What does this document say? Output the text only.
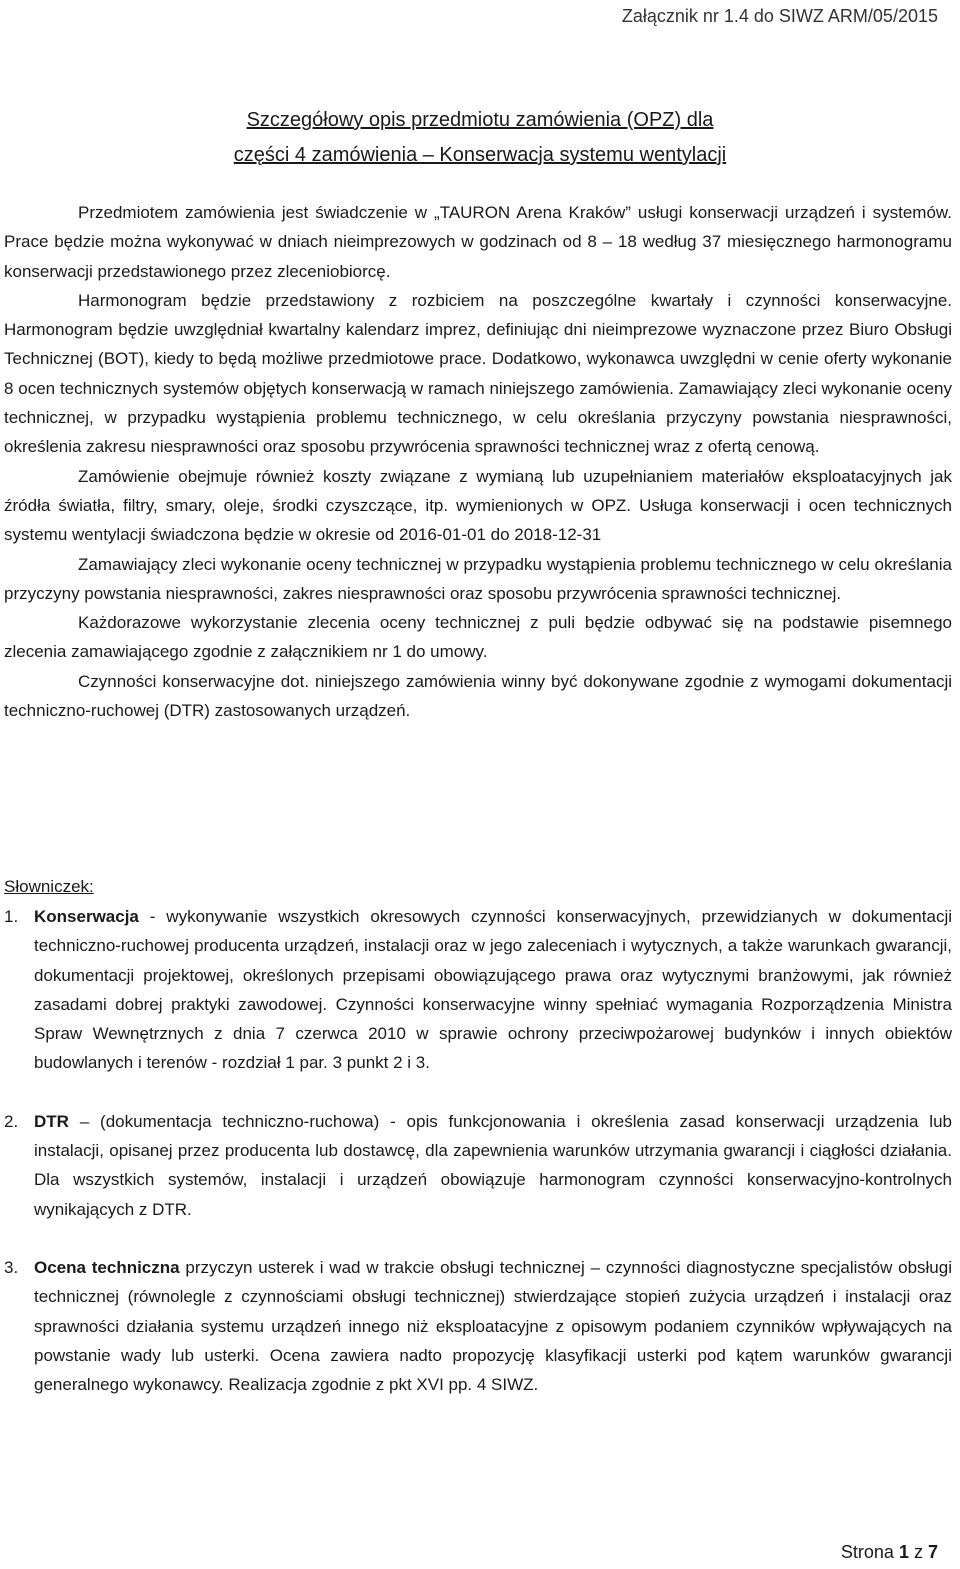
Załącznik nr 1.4 do SIWZ ARM/05/2015
Szczegółowy opis przedmiotu zamówienia (OPZ) dla
części 4 zamówienia – Konserwacja systemu wentylacji

Przedmiotem zamówienia jest świadczenie w „TAURON Arena Kraków” usługi konserwacji urządzeń i systemów. Prace będzie można wykonywać w dniach nieimprezowych w godzinach od 8 – 18 według 37 miesięcznego harmonogramu konserwacji przedstawionego przez zleceniobiorcę.

Harmonogram będzie przedstawiony z rozbiciem na poszczególne kwartały i czynności konserwacyjne. Harmonogram będzie uwzględniał kwartalny kalendarz imprez, definiując dni nieimprezowe wyznaczone przez Biuro Obsługi Technicznej (BOT), kiedy to będą możliwe przedmiotowe prace. Dodatkowo, wykonawca uwzględni w cenie oferty wykonanie 8 ocen technicznych systemów objętych konserwacją w ramach niniejszego zamówienia. Zamawiający zleci wykonanie oceny technicznej, w przypadku wystąpienia problemu technicznego, w celu określania przyczyny powstania niesprawności, określenia zakresu niesprawności oraz sposobu przywrócenia sprawności technicznej wraz z ofertą cenową.

Zamówienie obejmuje również koszty związane z wymianą lub uzupełnianiem materiałów eksploatacyjnych jak źródła światła, filtry, smary, oleje, środki czyszczące, itp. wymienionych w OPZ. Usługa konserwacji i ocen technicznych systemu wentylacji świadczona będzie w okresie od 2016-01-01 do 2018-12-31

Zamawiający zleci wykonanie oceny technicznej w przypadku wystąpienia problemu technicznego w celu określania przyczyny powstania niesprawności, zakres niesprawności oraz sposobu przywrócenia sprawności technicznej.

Każdorazowe wykorzystanie zlecenia oceny technicznej z puli będzie odbywać się na podstawie pisemnego zlecenia zamawiającego zgodnie z załącznikiem nr 1 do umowy.

Czynności konserwacyjne dot. niniejszego zamówienia winny być dokonywane zgodnie z wymogami dokumentacji techniczno-ruchowej (DTR) zastosowanych urządzeń.

Słowniczek:
1. Konserwacja - wykonywanie wszystkich okresowych czynności konserwacyjnych, przewidzianych w dokumentacji techniczno-ruchowej producenta urządzeń, instalacji oraz w jego zaleceniach i wytycznych, a także warunkach gwarancji, dokumentacji projektowej, określonych przepisami obowiązującego prawa oraz wytycznymi branżowymi, jak również zasadami dobrej praktyki zawodowej. Czynności konserwacyjne winny spełniać wymagania Rozporządzenia Ministra Spraw Wewnętrznych z dnia 7 czerwca 2010 w sprawie ochrony przeciwpożarowej budynków i innych obiektów budowlanych i terenów - rozdział 1 par. 3 punkt 2 i 3.
2. DTR – (dokumentacja techniczno-ruchowa) - opis funkcjonowania i określenia zasad konserwacji urządzenia lub instalacji, opisanej przez producenta lub dostawcę, dla zapewnienia warunków utrzymania gwarancji i ciągłości działania. Dla wszystkich systemów, instalacji i urządzeń obowiązuje harmonogram czynności konserwacyjno-kontrolnych wynikających z DTR.
3. Ocena techniczna przyczyn usterek i wad w trakcie obsługi technicznej – czynności diagnostyczne specjalistów obsługi technicznej (równolegle z czynnościami obsługi technicznej) stwierdzające stopień zużycia urządzeń i instalacji oraz sprawności działania systemu urządzeń innego niż eksploatacyjne z opisowym podaniem czynników wpływających na powstanie wady lub usterki. Ocena zawiera nadto propozycję klasyfikacji usterki pod kątem warunków gwarancji generalnego wykonawcy. Realizacja zgodnie z pkt XVI pp. 4 SIWZ.
Strona 1 z 7
